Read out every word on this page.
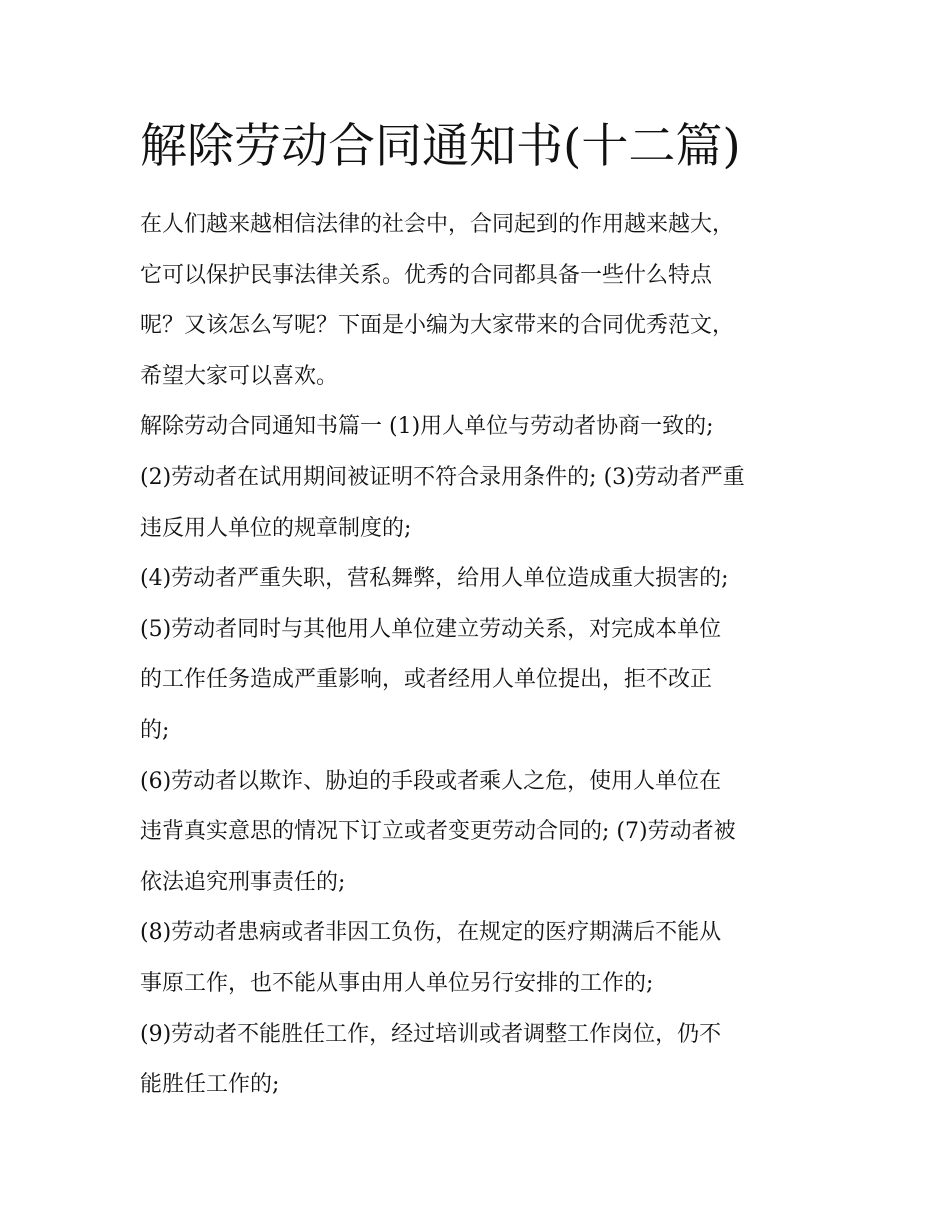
解除劳动合同通知书(十二篇)
在人们越来越相信法律的社会中，合同起到的作用越来越大，
它可以保护民事法律关系。优秀的合同都具备一些什么特点
呢？又该怎么写呢？下面是小编为大家带来的合同优秀范文，
希望大家可以喜欢。
解除劳动合同通知书篇一 (1)用人单位与劳动者协商一致的;
(2)劳动者在试用期间被证明不符合录用条件的; (3)劳动者严重
违反用人单位的规章制度的;
(4)劳动者严重失职，营私舞弊，给用人单位造成重大损害的;
(5)劳动者同时与其他用人单位建立劳动关系，对完成本单位
的工作任务造成严重影响，或者经用人单位提出，拒不改正
的;
(6)劳动者以欺诈、胁迫的手段或者乘人之危，使用人单位在
违背真实意思的情况下订立或者变更劳动合同的; (7)劳动者被
依法追究刑事责任的;
(8)劳动者患病或者非因工负伤，在规定的医疗期满后不能从
事原工作，也不能从事由用人单位另行安排的工作的;
(9)劳动者不能胜任工作，经过培训或者调整工作岗位，仍不
能胜任工作的;
